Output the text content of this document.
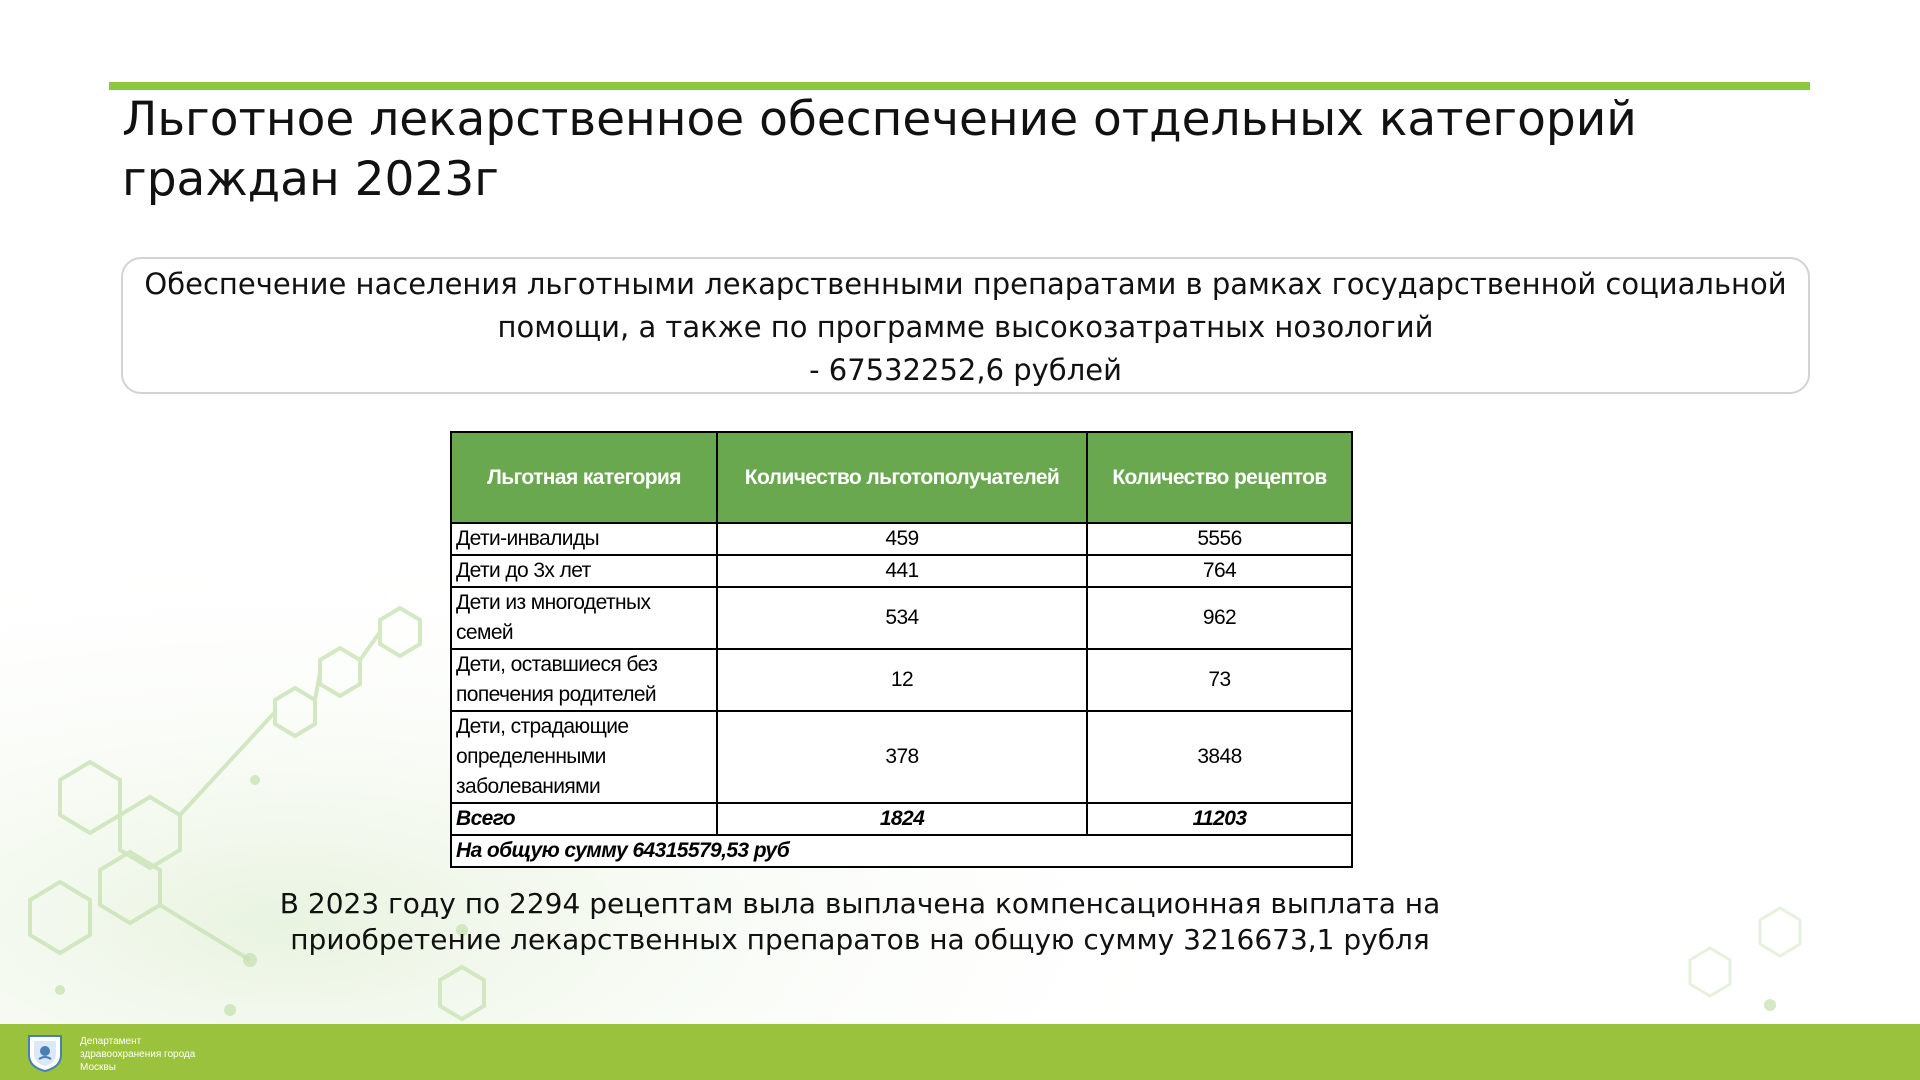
Льготное лекарственное обеспечение отдельных категорий
граждан 2023г
Обеспечение населения льготными лекарственными препаратами в рамках государственной социальной
помощи, а также по программе высокозатратных нозологий
- 67532252,6 рублей
Льготная категория	Количество льготополучателей	Количество рецептов
Дети-инвалиды	459	5556
Дети до 3х лет	441	764
Дети из многодетных семей	534	962
Дети, оставшиеся без попечения родителей	12	73
Дети, страдающие определенными заболеваниями	378	3848
Всего	1824	11203
На общую сумму 64315579,53 руб		

В 2023 году по 2294 рецептам выла выплачена компенсационная выплата на
приобретение лекарственных препаратов на общую сумму 3216673,1 рубля

Департамент
здравоохранения города
Москвы
